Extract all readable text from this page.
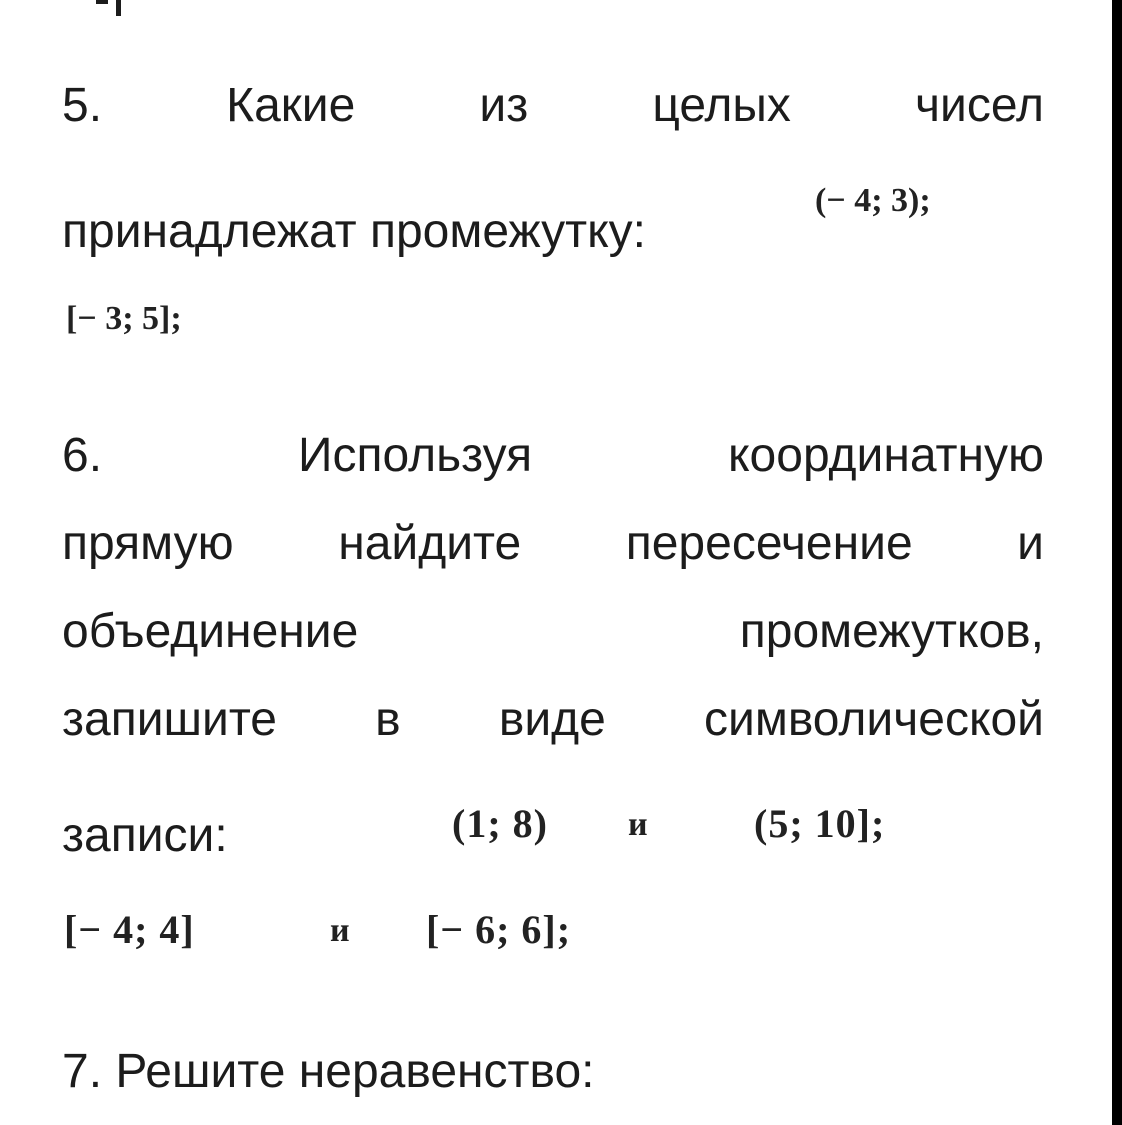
5.	Какие	из	целых	чисел
принадлежат промежутку:
(− 4; 3);
[− 3; 5];
6.	Используя	координатную
прямую найдите пересечение и
объединение	промежутков,
запишите в виде символической
записи:	(1; 8) и	(5; 10];
[− 4; 4]	и [− 6; 6];
7. Решите неравенство:
